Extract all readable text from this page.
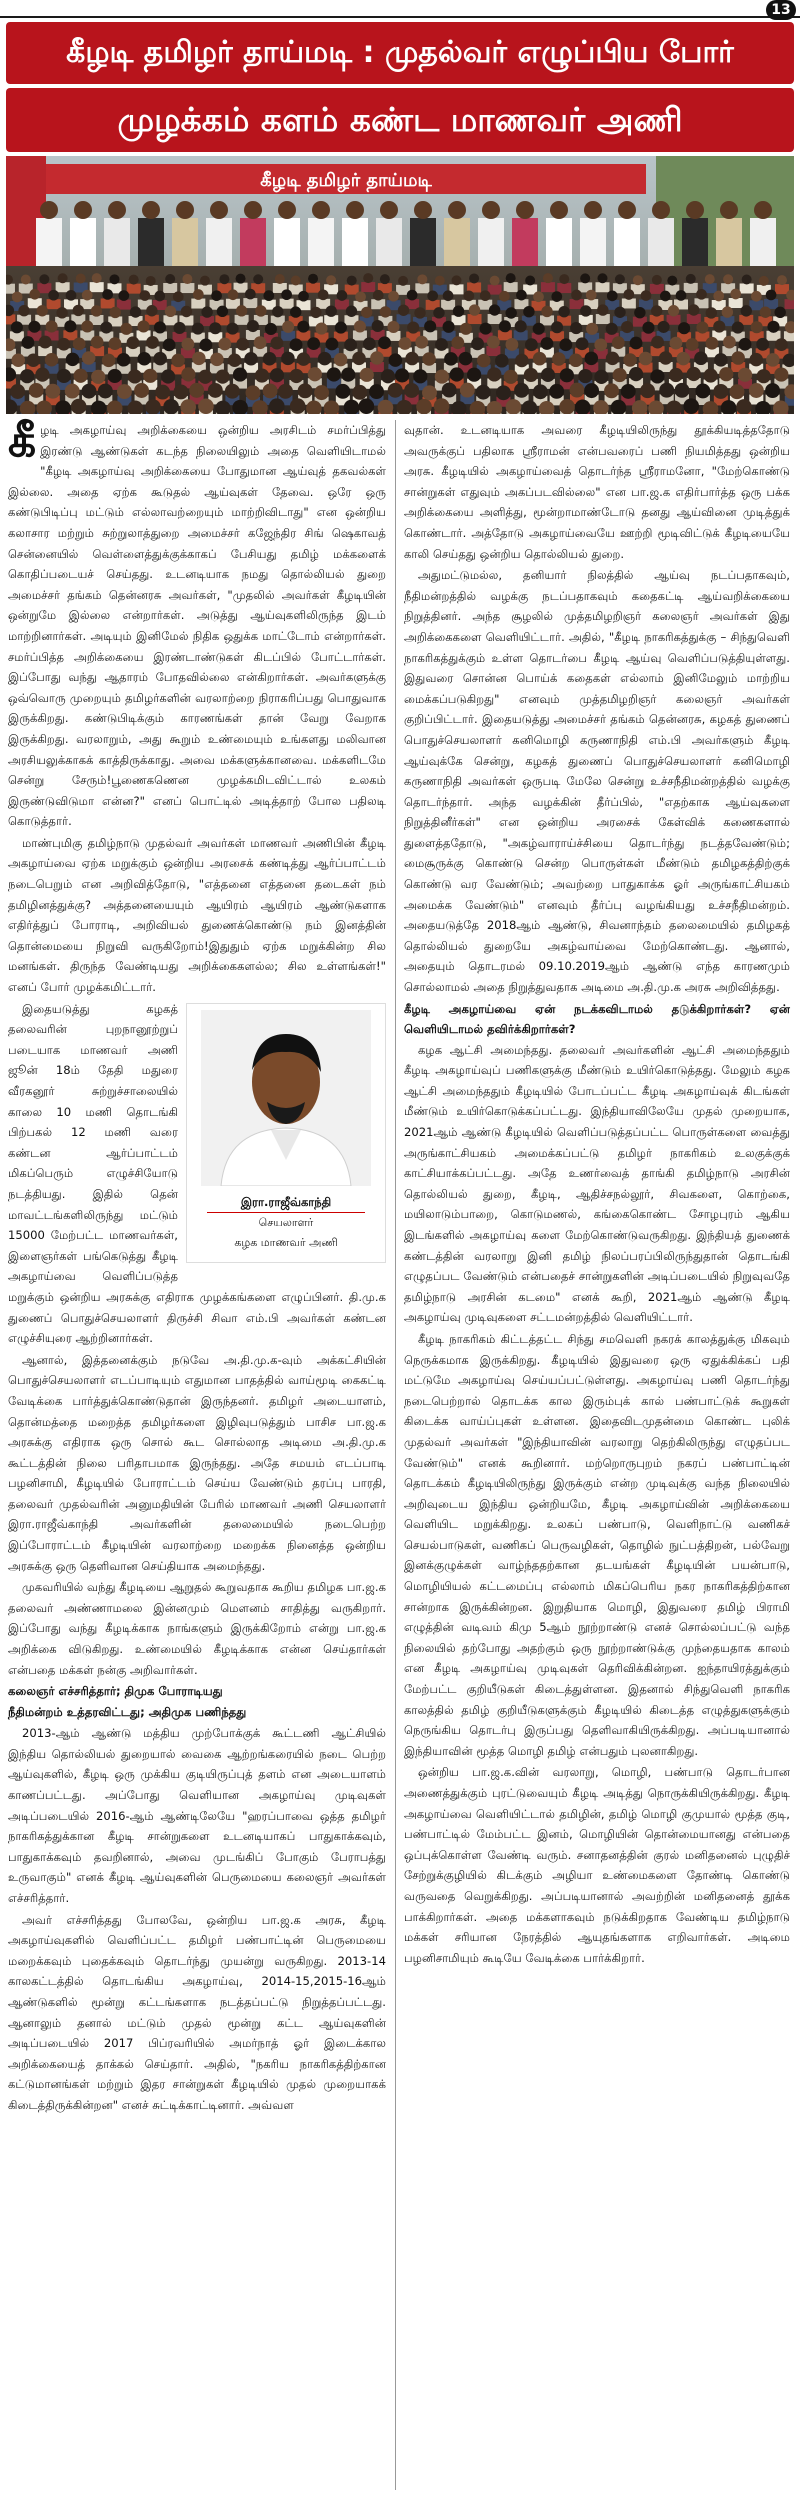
13
கீழடி தமிழர் தாய்மடி : முதல்வர் எழுப்பிய போர்
முழக்கம் களம் கண்ட மாணவர் அணி
கீழடி தமிழர் தாய்மடி

கீழடி அகழாய்வு அறிக்கையை ஒன்றிய அரசிடம் சமர்ப்பித்து இரண்டு ஆண்டுகள் கடந்த நிலையிலும் அதை வெளியிடாமல் "கீழடி அகழாய்வு அறிக்கையை போதுமான ஆய்வுத் தகவல்கள் இல்லை. அதை ஏற்க கூடுதல் ஆய்வுகள் தேவை. ஒரே ஒரு கண்டுபிடிப்பு மட்டும் எல்லாவற்றையும் மாற்றிவிடாது" என ஒன்றிய கலாசார மற்றும் சுற்றுலாத்துறை அமைச்சர் கஜேந்திர சிங் ஷெகாவத் சென்னையில் வெள்ளைத்துக்குக்காகப் பேசியது தமிழ் மக்களைக் கொதிப்படையச் செய்தது. உடனடியாக நமது தொல்லியல் துறை அமைச்சர் தங்கம் தென்னரசு அவர்கள், "முதலில் அவர்கள் கீழடியின் ஒன்றுமே இல்லை என்றார்கள். அடுத்து ஆய்வுகளிலிருந்த இடம் மாற்றினார்கள். அடியும் இனிமேல் நிதிக ஒதுக்க மாட்டோம் என்றார்கள். சமர்ப்பித்த அறிக்கையை இரண்டாண்டுகள் கிடப்பில் போட்டார்கள். இப்போது வந்து ஆதாரம் போதவில்லை என்கிறார்கள். அவர்களுக்கு ஒவ்வொரு முறையும் தமிழர்களின் வரலாற்றை நிராகரிப்பது பொதுவாக இருக்கிறது. கண்டுபிடிக்கும் காரணங்கள் தான் வேறு வேறாக இருக்கிறது. வரலாறும், அது கூறும் உண்மையும் உங்களது மலிவான அரசியலுக்காகக் காத்திருக்காது. அவை மக்களுக்கானவை. மக்களிடமே சென்று சேரும்!பூணைகணென முழக்கமிடவிட்டால் உலகம் இருண்டுவிடுமா என்ன?" எனப் பொட்டில் அடித்தாற் போல பதிலடி கொடுத்தார்.

மாண்புமிகு தமிழ்நாடு முதல்வர் அவர்கள் மாணவர் அணிபின் கீழடி அகழாய்வை ஏற்க மறுக்கும் ஒன்றிய அரசைக் கண்டித்து ஆர்ப்பாட்டம் நடைபெறும் என அறிவித்தோடு, "எத்தனை எத்தனை தடைகள் நம் தமிழினத்துக்கு? அத்தனையையும் ஆயிரம் ஆயிரம் ஆண்டுகளாக எதிர்த்துப் போராடி, அறிவியல் துணைக்கொண்டு நம் இனத்தின் தொன்மையை நிறுவி வருகிறோம்!இதுதும் ஏற்க மறுக்கின்ற சில மனங்கள். திருந்த வேண்டியது அறிக்கைகளல்ல; சில உள்ளங்கள்!" எனப் போர் முழக்கமிட்டார்.

இரா.ராஜீவ்காந்தி
செயலாளர்
கழக மாணவர் அணி

இதையடுத்து கழகத் தலைவரின் புறநானூற்றுப் படையாக மாணவர் அணி ஜூன் 18ம் தேதி மதுரை வீரகனூர் சுற்றுச்சாலையில் காலை 10 மணி தொடங்கி பிற்பகல் 12 மணி வரை கண்டன ஆர்ப்பாட்டம் மிகப்பெரும் எழுச்சியோடு நடத்தியது. இதில் தென் மாவட்டங்களிலிருந்து மட்டும் 15000 மேற்பட்ட மாணவர்கள், இளைஞர்கள் பங்கெடுத்து கீழடி அகழாய்வை வெளிப்படுத்த மறுக்கும் ஒன்றிய அரசுக்கு எதிராக முழக்கங்களை எழுப்பினர். தி.மு.க துணைப் பொதுச்செயலாளர் திருச்சி சிவா எம்.பி அவர்கள் கண்டன எழுச்சியுரை ஆற்றினார்கள்.

ஆனால், இத்தனைக்கும் நடுவே அ.தி.மு.க-வும் அக்கட்சியின் பொதுச்செயலாளர் எடப்பாடியும் எதுமான பாதத்தில் வாய்மூடி கைகட்டி வேடிக்கை பார்த்துக்கொண்டுதான் இருந்தனர். தமிழர் அடையாளம், தொன்மத்தை மறைத்த தமிழர்களை இழிவுபடுத்தும் பாசிச பா.ஜ.க அரசுக்கு எதிராக ஒரு சொல் கூட சொல்லாத அடிமை அ.தி.மு.க கூட்டத்தின் நிலை பரிதாபமாக இருந்தது. அதே சமயம் எடப்பாடி பழனிசாமி, கீழடியில் போராட்டம் செய்ய வேண்டும் தரப்பு பாரதி, தலைவர் முதல்வரின் அனுமதியின் பேரில் மாணவர் அணி செயலாளர் இரா.ராஜீவ்காந்தி அவர்களின் தலைமையில் நடைபெற்ற இப்போராட்டம் கீழடியின் வரலாற்றை மறைக்க நினைத்த ஒன்றிய அரசுக்கு ஒரு தெளிவான செய்தியாக அமைந்தது.

முகவரியில் வந்து கீழடியை ஆறுதல் கூறுவதாக கூறிய தமிழக பா.ஜ.க தலைவர் அண்ணாமலை இன்னமும் மெளனம் சாதித்து வருகிறார். இப்போது வந்து கீழடிக்காக நாங்களும் இருக்கிறோம் என்று பா.ஜ.க அறிக்கை விடுகிறது. உண்மையில் கீழடிக்காக என்ன செய்தார்கள் என்பதை மக்கள் நன்கு அறிவார்கள்.

கலைஞர் எச்சரித்தார்; திமுக போராடியது

நீதிமன்றம் உத்தரவிட்டது; அதிமுக பணிந்தது

2013-ஆம் ஆண்டு மத்திய முற்போக்குக் கூட்டணி ஆட்சியில் இந்திய தொல்லியல் துறையால் வைகை ஆற்றங்கரையில் நடை பெற்ற ஆய்வுகளில், கீழடி ஒரு முக்கிய குடியிருப்புத் தளம் என அடையாளம் காணப்பட்டது. அப்போது வெளியான அகழாய்வு முடிவுகள் அடிப்படையில் 2016-ஆம் ஆண்டிலேயே "ஹரப்பாவை ஒத்த தமிழர் நாகரிகத்துக்கான கீழடி சான்றுகளை உடனடியாகப் பாதுகாக்கவும், பாதுகாக்கவும் தவறினால், அவை முடங்கிப் போகும் பேராபத்து உருவாகும்" எனக் கீழடி ஆய்வுகளின் பெருமையை கலைஞர் அவர்கள் எச்சரித்தார்.

அவர் எச்சரித்தது போலவே, ஒன்றிய பா.ஜ.க அரசு, கீழடி அகழாய்வுகளில் வெளிப்பட்ட தமிழர் பண்பாட்டின் பெருமையை மறைக்கவும் புதைக்கவும் தொடர்ந்து முயன்று வருகிறது. 2013-14 காலகட்டத்தில் தொடங்கிய அகழாய்வு, 2014-15,2015-16ஆம் ஆண்டுகளில் மூன்று கட்டங்களாக நடத்தப்பட்டு நிறுத்தப்பட்டது. ஆனாலும் தனால் மட்டும் முதல் மூன்று கட்ட ஆய்வுகளின் அடிப்படையில் 2017 பிப்ரவரியில் அமர்நாத் ஓர் இடைக்கால அறிக்கையைத் தாக்கல் செய்தார். அதில், "நகரிய நாகரிகத்திற்கான கட்டுமானங்கள் மற்றும் இதர சான்றுகள் கீழடியில் முதல் முறையாகக் கிடைத்திருக்கின்றன" எனச் சுட்டிக்காட்டினார். அவ்வள

வுதான். உடனடியாக அவரை கீழடியிலிருந்து தூக்கியடித்ததோடு அவருக்குப் பதிலாக ஸ்ரீராமன் என்பவரைப் பணி நியமித்தது ஒன்றிய அரசு. கீழடியில் அகழாய்வைத் தொடர்ந்த ஸ்ரீராமனோ, "மேற்கொண்டு சான்றுகள் எதுவும் அகப்படவில்லை" என பா.ஜ.க எதிர்பார்த்த ஒரு பக்க அறிக்கையை அளித்து, மூன்றாமாண்டோடு தனது ஆய்வினை முடித்துக் கொண்டார். அத்தோடு அகழாய்வையே ஊற்றி மூடிவிட்டுக் கீழடியையே காலி செய்தது ஒன்றிய தொல்லியல் துறை.

அதுமட்டுமல்ல, தனியார் நிலத்தில் ஆய்வு நடப்பதாகவும், நீதிமன்றத்தில் வழக்கு நடப்பதாகவும் கதைகட்டி ஆய்வறிக்கையை நிறுத்தினர். அந்த சூழலில் முத்தமிழறிஞர் கலைஞர் அவர்கள் இது அறிக்கைகளை வெளியிட்டார். அதில், "கீழடி நாகரிகத்துக்கு – சிந்துவெளி நாகரிகத்துக்கும் உள்ள தொடர்பை கீழடி ஆய்வு வெளிப்படுத்தியுள்ளது. இதுவரை சொன்ன பொய்க் கதைகள் எல்லாம் இனிமேலும் மாற்றிய மைக்கப்படுகிறது" எனவும் முத்தமிழறிஞர் கலைஞர் அவர்கள் குறிப்பிட்டார். இதையடுத்து அமைச்சர் தங்கம் தென்னரசு, கழகத் துணைப் பொதுச்செயலாளர் கனிமொழி கருணாநிதி எம்.பி அவர்களும் கீழடி ஆய்வுக்கே சென்று, கழகத் துணைப் பொதுச்செயலாளர் கனிமொழி கருணாநிதி அவர்கள் ஒருபடி மேலே சென்று உச்சநீதிமன்றத்தில் வழக்கு தொடர்ந்தார். அந்த வழக்கின் தீர்ப்பில், "எதற்காக ஆய்வுகளை நிறுத்தினீர்கள்" என ஒன்றிய அரசைக் கேள்விக் கணைகளால் துளைத்ததோடு, "அகழ்வாராய்ச்சியை தொடர்ந்து நடத்தவேண்டும்; மைசூருக்கு கொண்டு சென்ற பொருள்கள் மீண்டும் தமிழகத்திற்குக் கொண்டு வர வேண்டும்; அவற்றை பாதுகாக்க ஓர் அருங்காட்சியகம் அமைக்க வேண்டும்" எனவும் தீர்ப்பு வழங்கியது உச்சநீதிமன்றம். அதையடுத்தே 2018ஆம் ஆண்டு, சிவனாந்தம் தலைமையில் தமிழகத் தொல்லியல் துறையே அகழ்வாய்வை மேற்கொண்டது. ஆனால், அதையும் தொடரமல் 09.10.2019ஆம் ஆண்டு எந்த காரணமும் சொல்லாமல் அதை நிறுத்துவதாக அடிமை அ.தி.மு.க அரசு அறிவித்தது.

கீழடி அகழாய்வை ஏன் நடக்கவிடாமல் தடுக்கிறார்கள்? ஏன் வெளியிடாமல் தவிர்க்கிறார்கள்?

கழக ஆட்சி அமைந்தது. தலைவர் அவர்களின் ஆட்சி அமைந்ததும் கீழடி அகழாய்வுப் பணிகளுக்கு மீண்டும் உயிர்கொடுத்தது. மேலும் கழக ஆட்சி அமைந்ததும் கீழடியில் போடப்பட்ட கீழடி அகழாய்வுக் கிடங்கள் மீண்டும் உயிர்கொடுக்கப்பட்டது. இந்தியாவிலேயே முதல் முறையாக, 2021ஆம் ஆண்டு கீழடியில் வெளிப்படுத்தப்பட்ட பொருள்களை வைத்து அருங்காட்சியகம் அமைக்கப்பட்டு தமிழர் நாகரிகம் உலகுக்குக் காட்சியாக்கப்பட்டது. அதே உணர்வைத் தாங்கி தமிழ்நாடு அரசின் தொல்லியல் துறை, கீழடி, ஆதிச்சநல்லூர், சிவகளை, கொற்கை, மயிலாடும்பாறை, கொடுமணல், கங்கைகொண்ட சோழபுரம் ஆகிய இடங்களில் அகழாய்வு களை மேற்கொண்டுவருகிறது. இந்தியத் துணைக் கண்டத்தின் வரலாறு இனி தமிழ் நிலப்பரப்பிலிருந்துதான் தொடங்கி எழுதப்பட வேண்டும் என்பதைச் சான்றுகளின் அடிப்படையில் நிறுவுவதே தமிழ்நாடு அரசின் கடமை" எனக் கூறி, 2021ஆம் ஆண்டு கீழடி அகழாய்வு முடிவுகளை சட்டமன்றத்தில் வெளியிட்டார்.

கீழடி நாகரிகம் கிட்டத்தட்ட சிந்து சமவெளி நகரக் காலத்துக்கு மிகவும் நெருக்கமாக இருக்கிறது. கீழடியில் இதுவரை ஒரு ஏதுக்கிக்கப் பதி மட்டுமே அகழாய்வு செய்யப்பட்டுள்ளது. அகழாய்வு பணி தொடர்ந்து நடைபெற்றால் தொடக்க கால இரும்புக் கால் பண்பாட்டுக் கூறுகள் கிடைக்க வாய்ப்புகள் உள்ளன. இதைவிடமுதன்மை கொண்ட புலிக் முதல்வர் அவர்கள் "இந்தியாவின் வரலாறு தெற்கிலிருந்து எழுதப்பட வேண்டும்" எனக் கூறினார். மற்றொருபுறம் நகரப் பண்பாட்டின் தொடக்கம் கீழடியிலிருந்து இருக்கும் என்ற முடிவுக்கு வந்த நிலையில் அறிவுடைய இந்திய ஒன்றியமே, கீழடி அகழாய்வின் அறிக்கையை வெளியிட மறுக்கிறது. உலகப் பண்பாடு, வெளிநாட்டு வணிகச் செயல்பாடுகள், வணிகப் பெருவழிகள், தொழில் நுட்பத்திறன், பல்வேறு இனக்குழுக்கள் வாழ்ந்ததற்கான தடயங்கள் கீழடியின் பயன்பாடு, மொழியியல் கட்டமைப்பு எல்லாம் மிகப்பெரிய நகர நாகரிகத்திற்கான சான்றாக இருக்கின்றன. இறுதியாக மொழி, இதுவரை தமிழ் பிராமி எழுத்தின் வடிவம் கிமு 5ஆம் நூற்றாண்டு எனச் சொல்லப்பட்டு வந்த நிலையில் தற்போது அதற்கும் ஒரு நூற்றாண்டுக்கு முந்தையதாக காலம் என கீழடி அகழாய்வு முடிவுகள் தெரிவிக்கின்றன. ஐந்தாயிரத்துக்கும் மேற்பட்ட குறியீடுகள் கிடைத்துள்ளன. இதனால் சிந்துவெளி நாகரிக காலத்தில் தமிழ் குறியீடுகளுக்கும் கீழடியில் கிடைத்த எழுத்துகளுக்கும் நெருங்கிய தொடர்பு இருப்பது தெளிவாகியிருக்கிறது. அப்படியானால் இந்தியாவின் மூத்த மொழி தமிழ் என்பதும் புலனாகிறது.

ஒன்றிய பா.ஜ.க.வின் வரலாறு, மொழி, பண்பாடு தொடர்பான அணைத்துக்கும் புரட்டுவையும் கீழடி அடித்து நொருக்கியிருக்கிறது. கீழடி அகழாய்வை வெளியிட்டால் தமிழின், தமிழ் மொழி குமுயால் மூத்த குடி, பண்பாட்டில் மேம்பட்ட இனம், மொழியின் தொன்மையானது என்பதை ஒப்புக்கொள்ள வேண்டி வரும். சனாதனத்தின் குரல் மனிதனைல் புழுதிச் சேற்றுக்குழியில் கிடக்கும் அழியா உண்மைகளை தோண்டி கொண்டு வருவதை வெறுக்கிறது. அப்படியானால் அவற்றின் மனிதனைத் தூக்க பாக்கிறார்கள். அதை மக்களாகவும் நடுக்கிறதாக வேண்டிய தமிழ்நாடு மக்கள் சரியான நேரத்தில் ஆயுதங்களாக எறிவார்கள். அடிமை பழனிசாமியும் கூடியே வேடிக்கை பார்க்கிறார்.
